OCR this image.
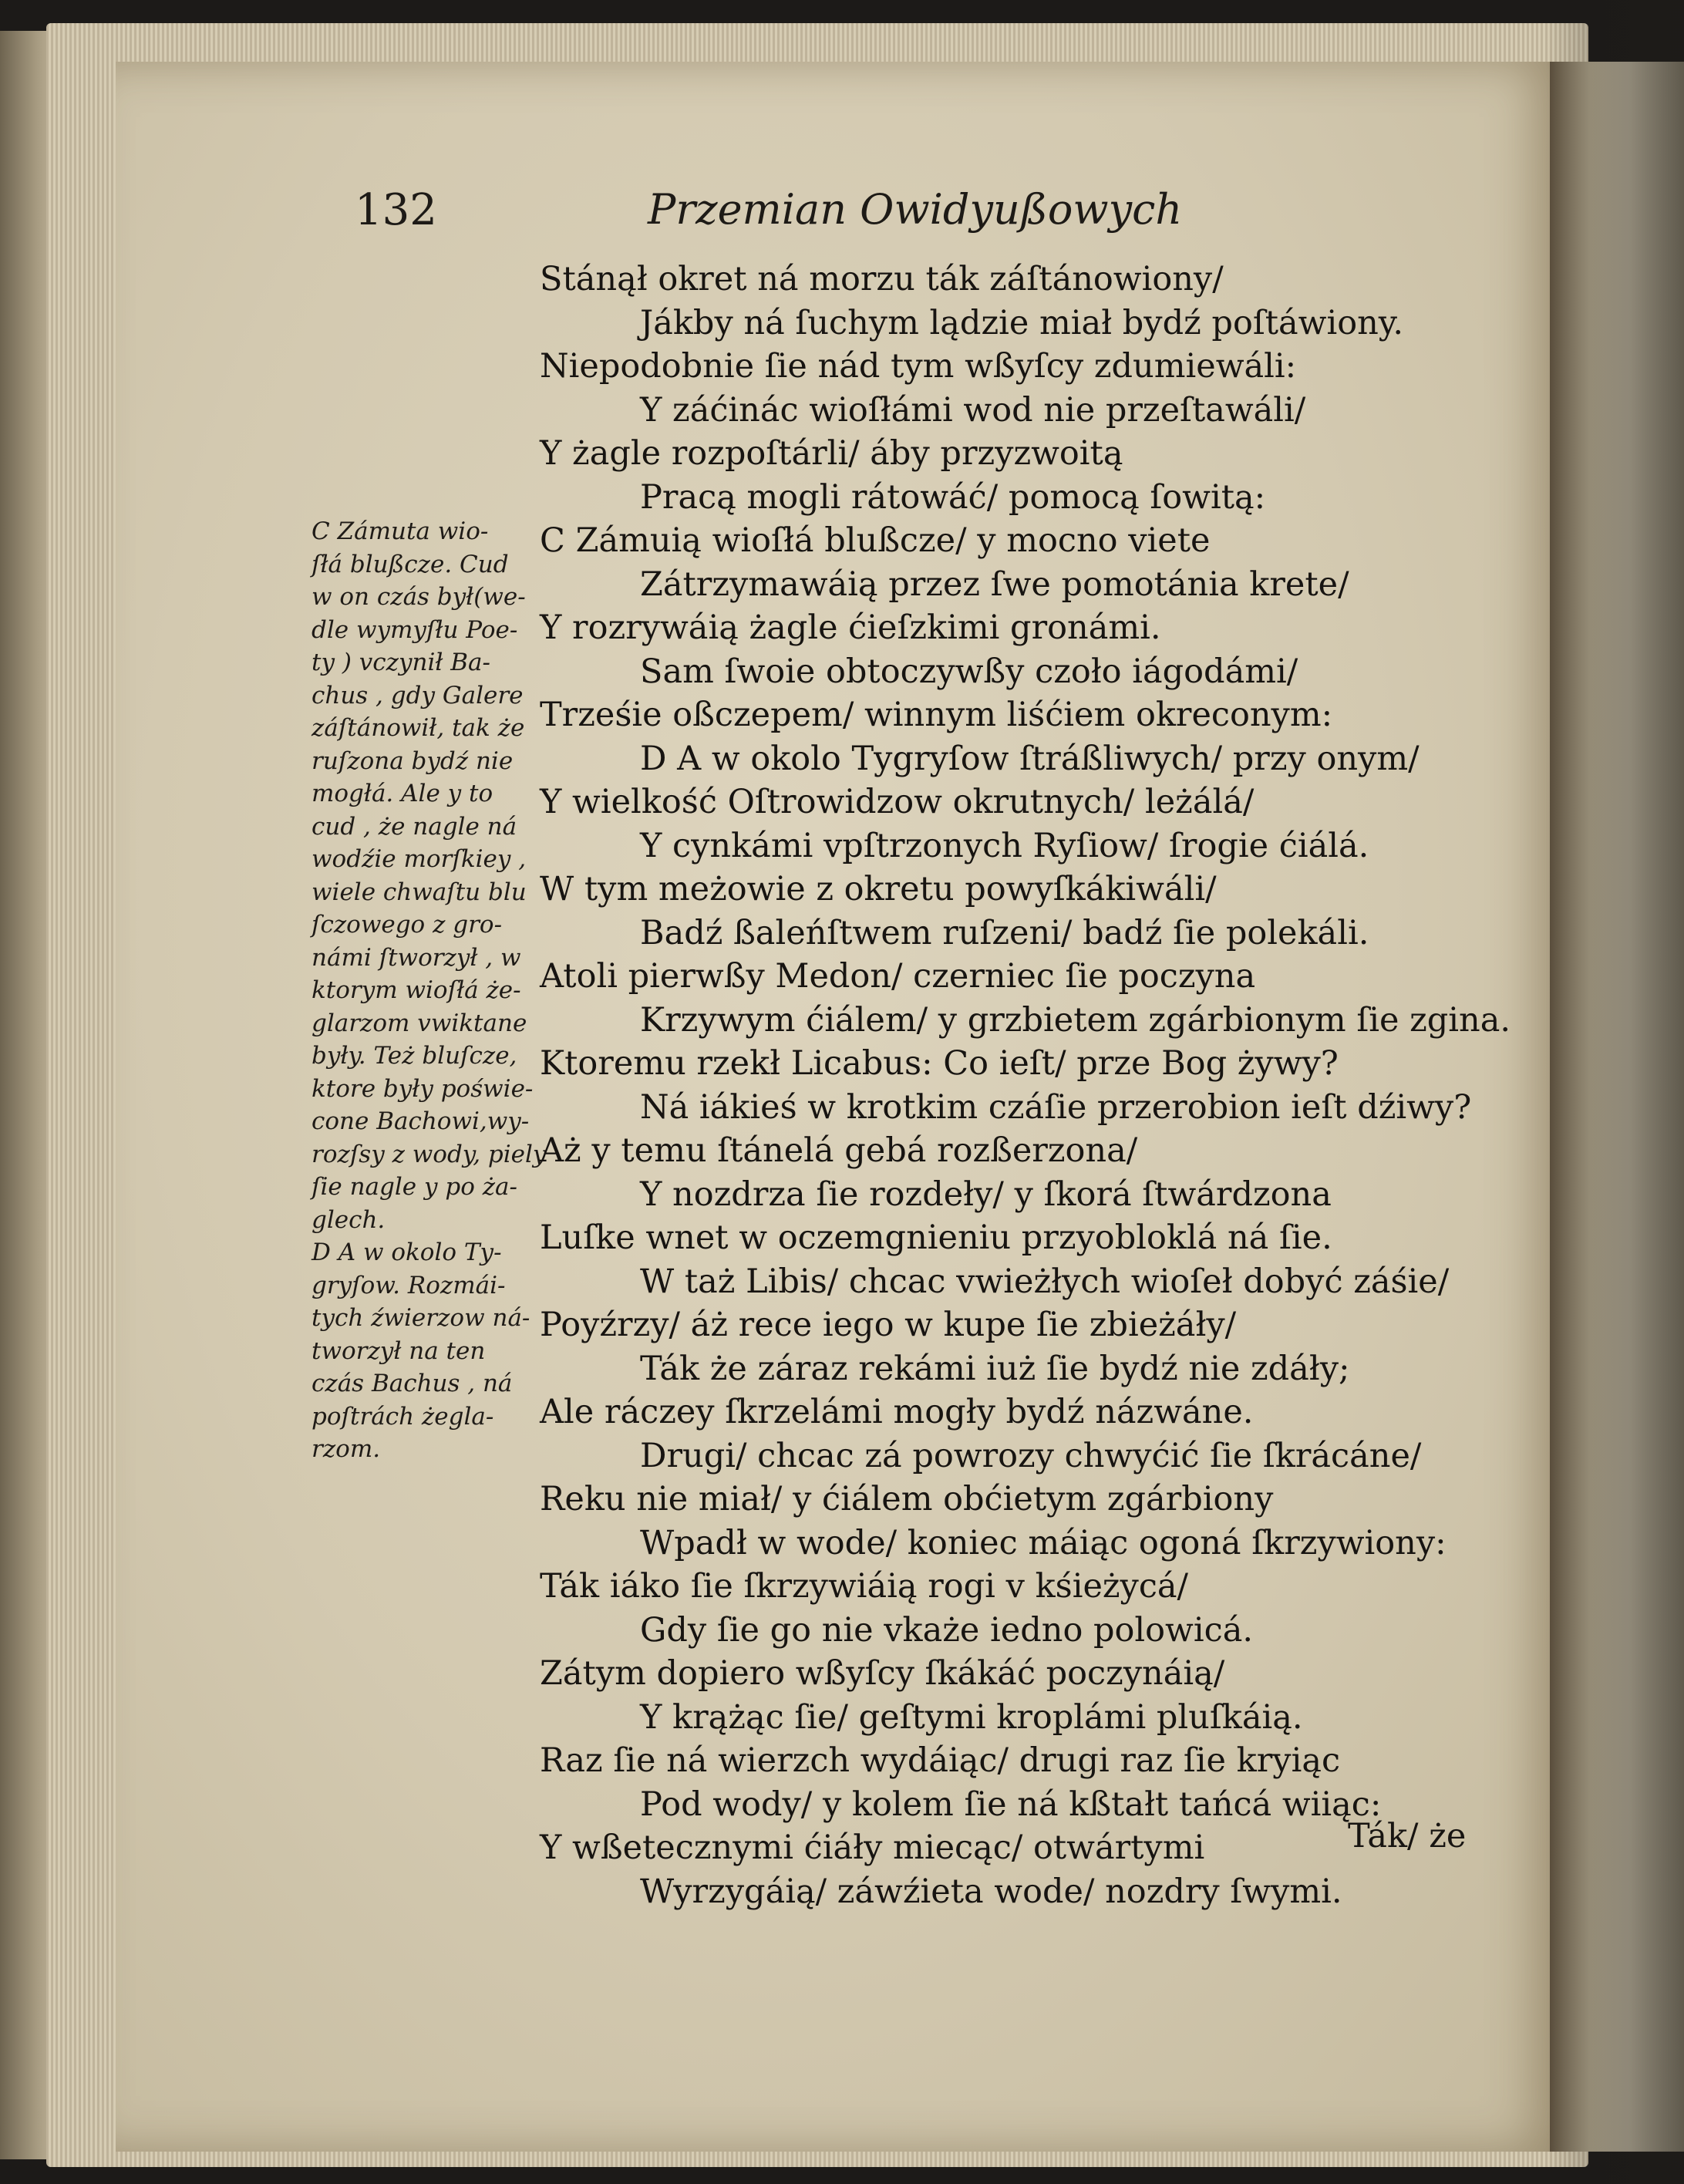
132	Przemian Owidyußowych
C Zámuta wio-
ſłá blußcze. Cud
w on czás był(we-
dle wymyſłu Poe-
ty ) vczynił Ba-
chus , gdy Galere
záſtánowił, tak że
ruſzona bydź nie
mogłá. Ale y to
cud , że nagle ná
wodźie morſkiey ,
wiele chwaſtu blu
ſczowego z gro-
námi ſtworzył , w
ktorym wioſłá że-
glarzom vwiktane
były. Też bluſcze,
ktore były poświe-
cone Bachowi,wy-
rozſsy z wody, piely
ſie nagle y po ża-
glech.
D A w okolo Ty-
gryſow. Rozmái-
tych źwierzow ná-
tworzył na ten
czás Bachus , ná
poſtrách żegla-
rzom.
Stánął okret ná morzu ták záſtánowiony/
Jákby ná ſuchym lądzie miał bydź poſtáwiony.
Niepodobnie ſie nád tym wßyſcy zdumiewáli:
Y záćinác wioſłámi wod nie przeſtawáli/
Y żagle rozpoſtárli/ áby przyzwoitą
Pracą mogli rátowáć/ pomocą ſowitą:
C Zámuią wioſłá blußcze/ y mocno viete
Zátrzymawáią przez ſwe pomotánia krete/
Y rozrywáią żagle ćieſzkimi gronámi.
Sam ſwoie obtoczywßy czoło iágodámi/
Trześie oßczepem/ winnym liśćiem okreconym:
D A w okolo Tygryſow ſtráßliwych/ przy onym/
Y wielkość Oſtrowidzow okrutnych/ leżálá/
Y cynkámi vpſtrzonych Ryſiow/ ſrogie ćiálá.
W tym meżowie z okretu powyſkákiwáli/
Badź ßaleńſtwem ruſzeni/ badź ſie polekáli.
Atoli pierwßy Medon/ czerniec ſie poczyna
Krzywym ćiálem/ y grzbietem zgárbionym ſie zgina.
Ktoremu rzekł Licabus: Co ieſt/ prze Bog żywy?
Ná iákieś w krotkim czáſie przerobion ieſt dźiwy?
Aż y temu ſtánelá gebá rozßerzona/
Y nozdrza ſie rozdeły/ y ſkorá ſtwárdzona
Luſke wnet w oczemgnieniu przyobloklá ná ſie.
W taż Libis/ chcac vwieżłych wioſeł dobyć záśie/
Poyźrzy/ áż rece iego w kupe ſie zbieżáły/
Ták że záraz rekámi iuż ſie bydź nie zdáły;
Ale ráczey ſkrzelámi mogły bydź názwáne.
Drugi/ chcac zá powrozy chwyćić ſie ſkrácáne/
Reku nie miał/ y ćiálem obćietym zgárbiony
Wpadł w wode/ koniec máiąc ogoná ſkrzywiony:
Ták iáko ſie ſkrzywiáią rogi v kśieżycá/
Gdy ſie go nie vkaże iedno polowicá.
Zátym dopiero wßyſcy ſkákáć poczynáią/
Y krążąc ſie/ geſtymi kroplámi pluſkáią.
Raz ſie ná wierzch wydáiąc/ drugi raz ſie kryiąc
Pod wody/ y kolem ſie ná kßtałt tańcá wiiąc:
Y wßetecznymi ćiáły miecąc/ otwártymi
Wyrzygáią/ záwźieta wode/ nozdry ſwymi.
Ták/ że
